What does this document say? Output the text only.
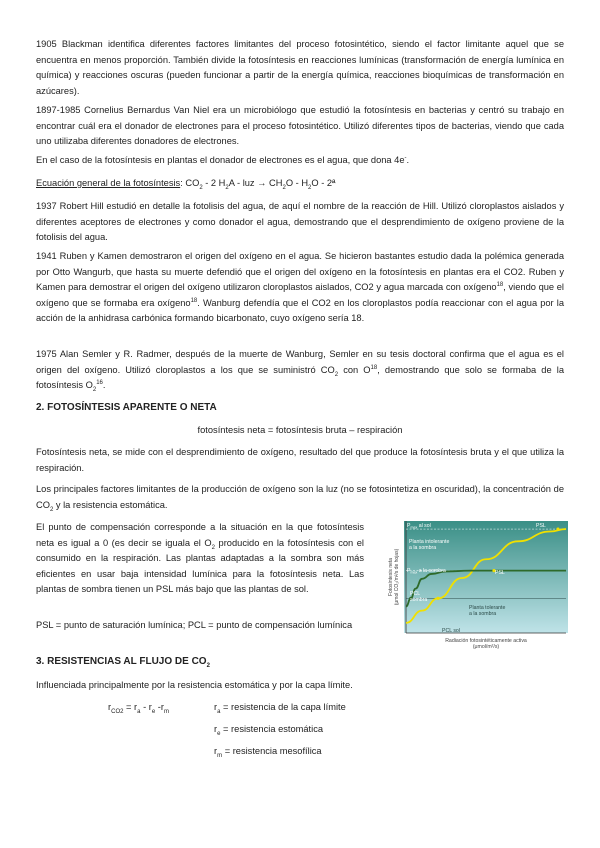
1905 Blackman identifica diferentes factores limitantes del proceso fotosintético, siendo el factor limitante aquel que se encuentra en menos proporción. También divide la fotosíntesis en reacciones lumínicas (transformación de energía lumínica en química) y reacciones oscuras (pueden funcionar a partir de la energía química, reacciones bioquímicas de transformación en azúcares).

1897-1985 Cornelius Bernardus Van Niel era un microbiólogo que estudió la fotosíntesis en bacterias y centró su trabajo en encontrar cuál era el donador de electrones para el proceso fotosintético. Utilizó diferentes tipos de bacterias, viendo que cada uno utilizaba diferentes donadores de electrones.

En el caso de la fotosíntesis en plantas el donador de electrones es el agua, que dona 4e-.

Ecuación general de la fotosíntesis: $CO_2 - 2$ $H_2A$ - luz → $CH_2O - H_2O$ - 2ª

1937 Robert Hill estudió en detalle la fotolisis del agua, de aquí el nombre de la reacción de Hill. Utilizó cloroplastos aislados y diferentes aceptores de electrones y como donador el agua, demostrando que el desprendimiento de oxígeno proviene de la fotolisis del agua.

1941 Ruben y Kamen demostraron el origen del oxígeno en el agua. Se hicieron bastantes estudio dada la polémica generada por Otto Wangurb, que hasta su muerte defendió que el origen del oxígeno en la fotosíntesis en plantas era el CO2. Ruben y Kamen para demostrar el origen del oxígeno utilizaron cloroplastos aislados, CO2 y agua marcada con oxígeno$^{18}$, viendo que el oxígeno que se formaba era oxígeno$^{18}$. Wanburg defendía que el CO2 en los cloroplastos podía reaccionar con el agua por la acción de la anhidrasa carbónica formando bicarbonato, cuyo oxígeno sería 18.

1975 Alan Semler y R. Radmer, después de la muerte de Wanburg, Semler en su tesis doctoral confirma que el agua es el origen del oxígeno. Utilizó cloroplastos a los que se suministró $CO_2$ con $O^{18}$, demostrando que solo se formaba de la fotosíntesis $O_2^{16}$.

2. FOTOSÍNTESIS APARENTE O NETA

fotosíntesis neta = fotosíntesis bruta – respiración

Fotosíntesis neta, se mide con el desprendimiento de oxígeno, resultado del que produce la fotosíntesis bruta y el que utiliza la respiración.

Los principales factores limitantes de la producción de oxígeno son la luz (no se fotosintetiza en oscuridad), la concentración de $CO_2$ y la resistencia estomática.

El punto de compensación corresponde a la situación en la que fotosíntesis neta es igual a 0 (es decir se iguala el $O_2$ producido en la fotosíntesis con el consumido en la respiración. Las plantas adaptadas a la sombra son más eficientes en usar baja intensidad lumínica para la fotosíntesis neta. Las plantas de sombra tienen un PSL más bajo que las plantas de sol.

PSL = punto de saturación lumínica; PCL = punto de compensación lumínica

3. RESISTENCIAS AL FLUJO DE $CO_2$

Influenciada principalmente por la resistencia estomática y por la capa límite.

$r_{CO2} = r_a - r_e$ $-r_m$	$r_a$ = resistencia de la capa límite
$r_e$ = resistencia estomática
$r_m$ = resistencia mesofílica
$P_{max}$ al sol	PSL
Planta intolerante
a la sombra
$P_{max}$ a la sombra	PSL
PCL
sombra
Planta tolerante
a la sombra
PCL sol
Radiación fotosintéticamente activa
(μmol/m²/s)
Fotosíntesis neta (μmol CO₂/m²/s de hojas)
